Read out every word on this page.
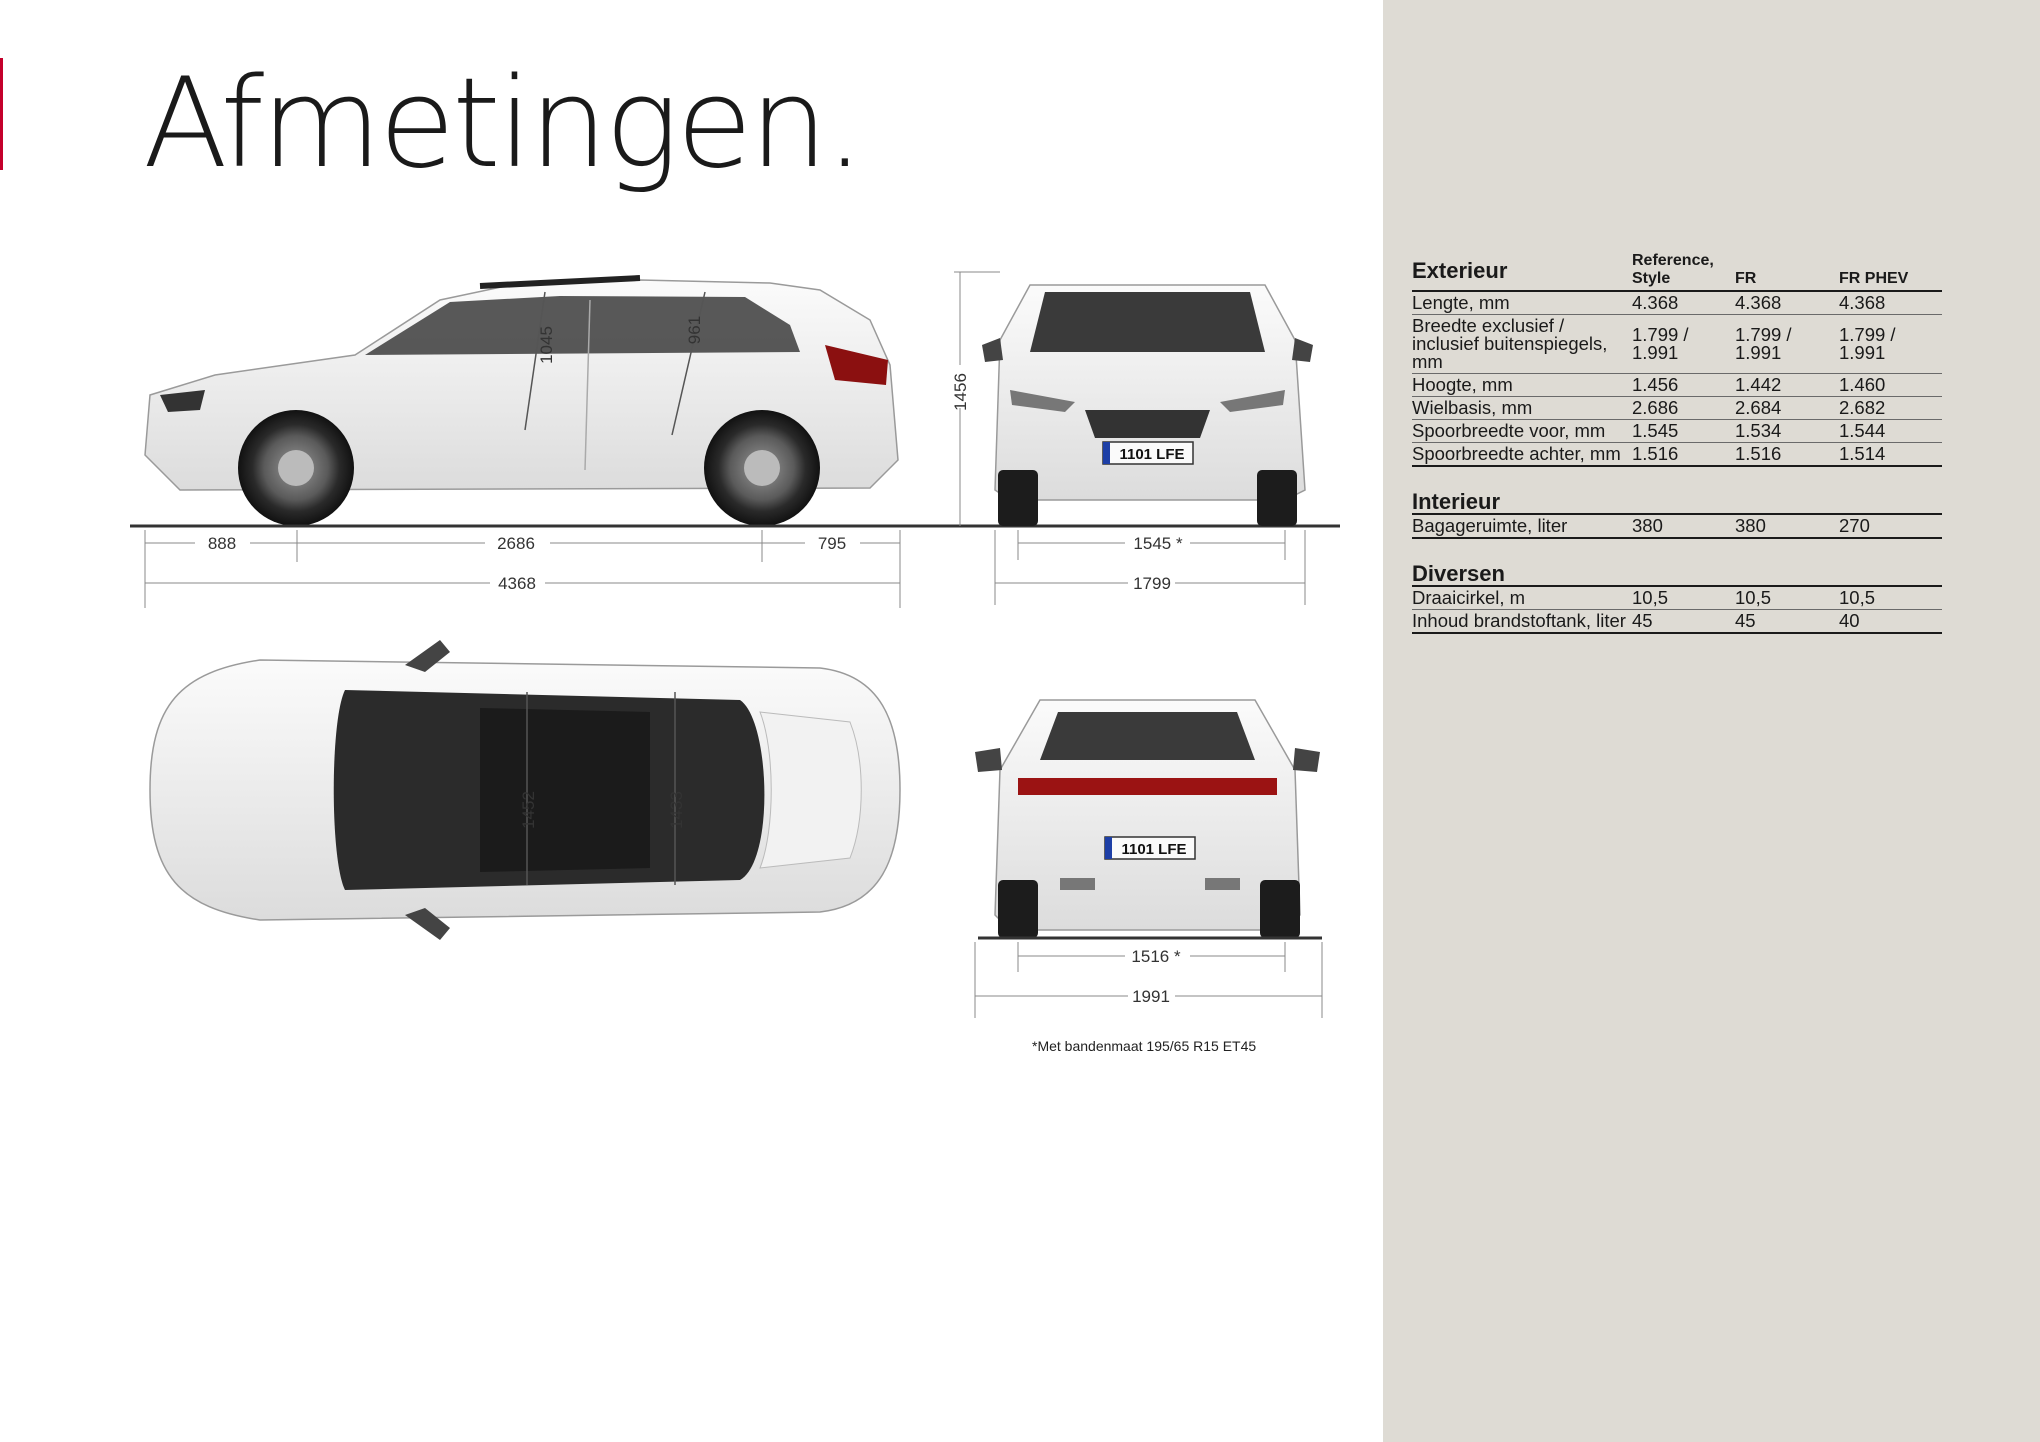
Afmetingen.
1045	961
888	2686	795
4368
1456
1101 LFE
1545 *
1799
1452	1433
1101 LFE
1516 *
1991
*Met bandenmaat 195/65 R15 ET45
Exterieur	Reference,
Style	FR	FR PHEV
Lengte, mm	4.368	4.368	4.368
Breedte exclusief / inclusief buitenspiegels, mm	1.799 / 1.991	1.799 / 1.991	1.799 / 1.991
Hoogte, mm	1.456	1.442	1.460
Wielbasis, mm	2.686	2.684	2.682
Spoorbreedte voor, mm	1.545	1.534	1.544
Spoorbreedte achter, mm	1.516	1.516	1.514

Interieur			
Bagageruimte, liter	380	380	270

Diversen			
Draaicirkel, m	10,5	10,5	10,5
Inhoud brandstoftank, liter	45	45	40
